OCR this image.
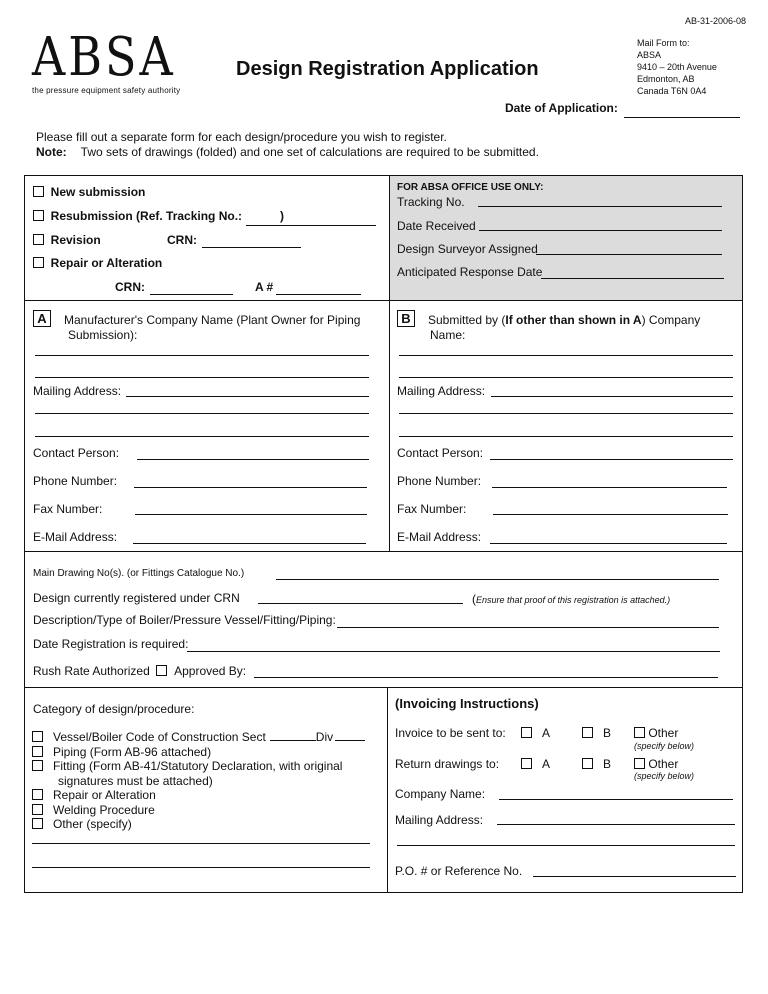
AB-31-2006-08
ABSA
the pressure equipment safety authority
Design Registration Application
Mail Form to:
ABSA
9410 – 20th Avenue
Edmonton, AB
Canada T6N 0A4
Date of Application:
Please fill out a separate form for each design/procedure you wish to register.
Note: Two sets of drawings (folded) and one set of calculations are required to be submitted.
New submission
Resubmission (Ref. Tracking No.:	)
Revision	CRN:
Repair or Alteration
CRN:	A #
FOR ABSA OFFICE USE ONLY:
Tracking No.
Date Received
Design Surveyor Assigned
Anticipated Response Date
A	Manufacturer's Company Name (Plant Owner for Piping
Submission):
Mailing Address:
Contact Person:
Phone Number:
Fax Number:
E-Mail Address:
B	Submitted by (If other than shown in A) Company
Name:
Mailing Address:
Contact Person:
Phone Number:
Fax Number:
E-Mail Address:
Main Drawing No(s). (or Fittings Catalogue No.)
Design currently registered under CRN	(Ensure that proof of this registration is attached.)
Description/Type of Boiler/Pressure Vessel/Fitting/Piping:
Date Registration is required:
Rush Rate Authorized Approved By:
Category of design/procedure:
Vessel/Boiler Code of Construction Sect	Div
Piping (Form AB-96 attached)
Fitting (Form AB-41/Statutory Declaration, with original
signatures must be attached)
Repair or Alteration
Welding Procedure
Other (specify)
(Invoicing Instructions)
Invoice to be sent to:	A	B	Other
(specify below)
Return drawings to:	A	B	Other
(specify below)
Company Name:
Mailing Address:
P.O. # or Reference No.
